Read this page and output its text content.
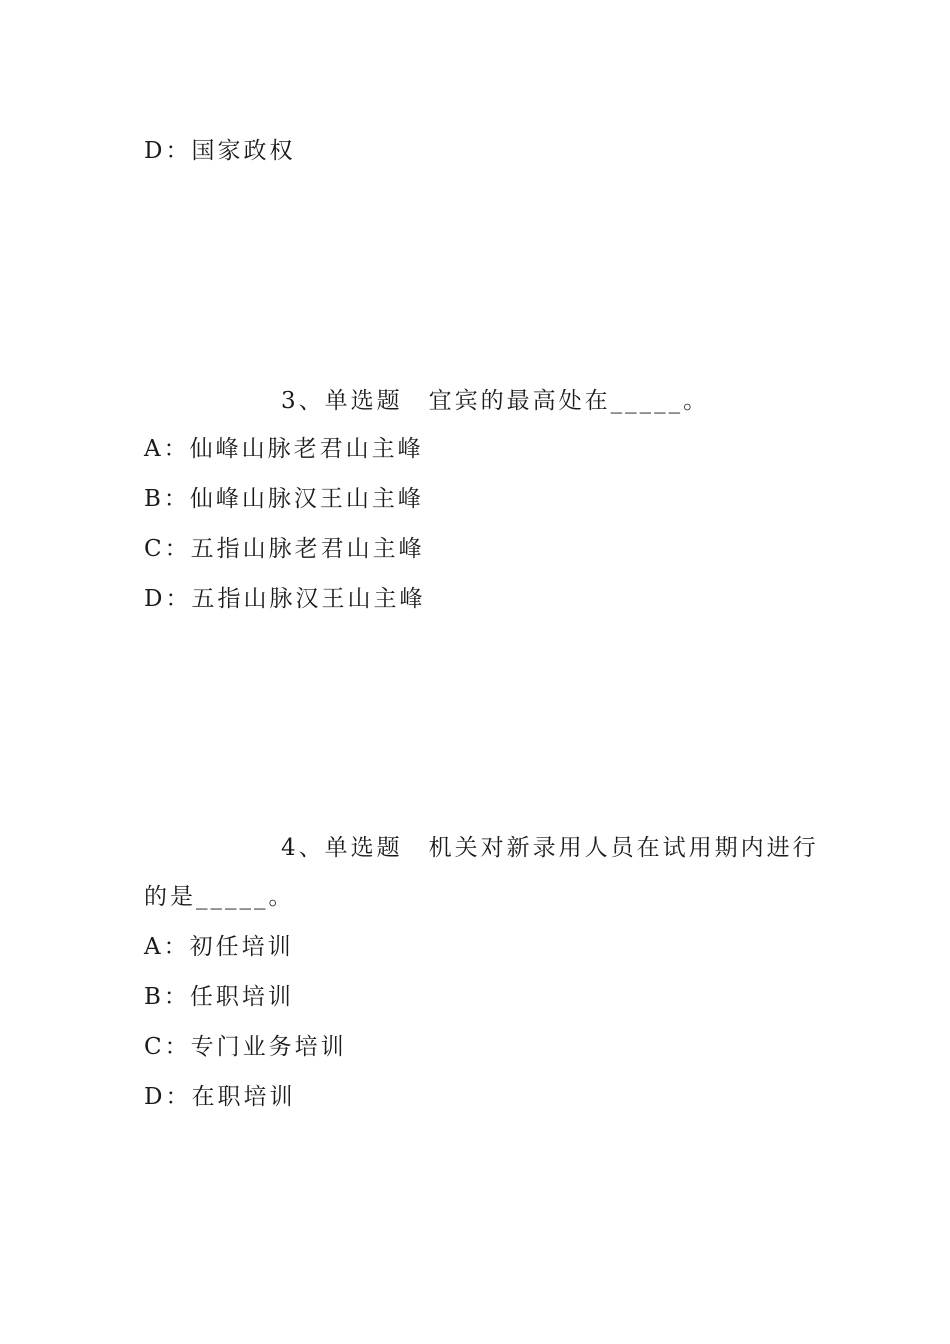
D：国家政权
3、单选题　宜宾的最高处在_____。
A：仙峰山脉老君山主峰
B：仙峰山脉汉王山主峰
C：五指山脉老君山主峰
D：五指山脉汉王山主峰
4、单选题　机关对新录用人员在试用期内进行
的是_____。
A：初任培训
B：任职培训
C：专门业务培训
D：在职培训
